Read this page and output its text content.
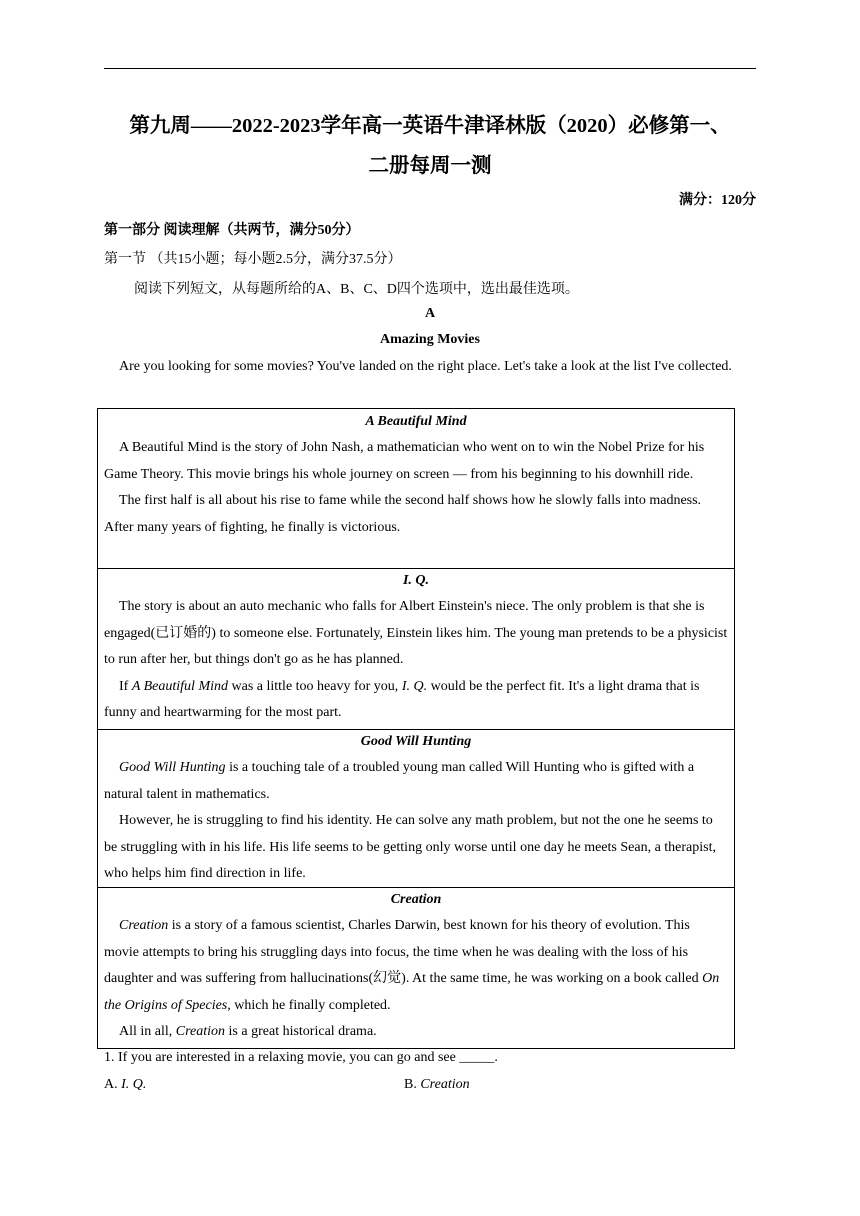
第九周——2022-2023学年高一英语牛津译林版（2020）必修第一、
二册每周一测
满分：120分
第一部分 阅读理解（共两节，满分50分）
第一节 （共15小题；每小题2.5分，满分37.5分）
阅读下列短文，从每题所给的A、B、C、D四个选项中，选出最佳选项。
A
Amazing Movies
Are you looking for some movies? You've landed on the right place. Let's take a look at the list I've collected.
A Beautiful Mind

A Beautiful Mind is the story of John Nash, a mathematician who went on to win the Nobel Prize for his Game Theory. This movie brings his whole journey on screen — from his beginning to his downhill ride.

The first half is all about his rise to fame while the second half shows how he slowly falls into madness. After many years of fighting, he finally is victorious.

I. Q.

The story is about an auto mechanic who falls for Albert Einstein's niece. The only problem is that she is engaged(已订婚的) to someone else. Fortunately, Einstein likes him. The young man pretends to be a physicist to run after her, but things don't go as he has planned.

If A Beautiful Mind was a little too heavy for you, I. Q. would be the perfect fit. It's a light drama that is funny and heartwarming for the most part.

Good Will Hunting

Good Will Hunting is a touching tale of a troubled young man called Will Hunting who is gifted with a natural talent in mathematics.

However, he is struggling to find his identity. He can solve any math problem, but not the one he seems to be struggling with in his life. His life seems to be getting only worse until one day he meets Sean, a therapist, who helps him find direction in life.

Creation

Creation is a story of a famous scientist, Charles Darwin, best known for his theory of evolution. This movie attempts to bring his struggling days into focus, the time when he was dealing with the loss of his daughter and was suffering from hallucinations(幻觉). At the same time, he was working on a book called On the Origins of Species, which he finally completed.

All in all, Creation is a great historical drama.

1. If you are interested in a relaxing movie, you can go and see _____.
A. I. Q.	B. Creation
